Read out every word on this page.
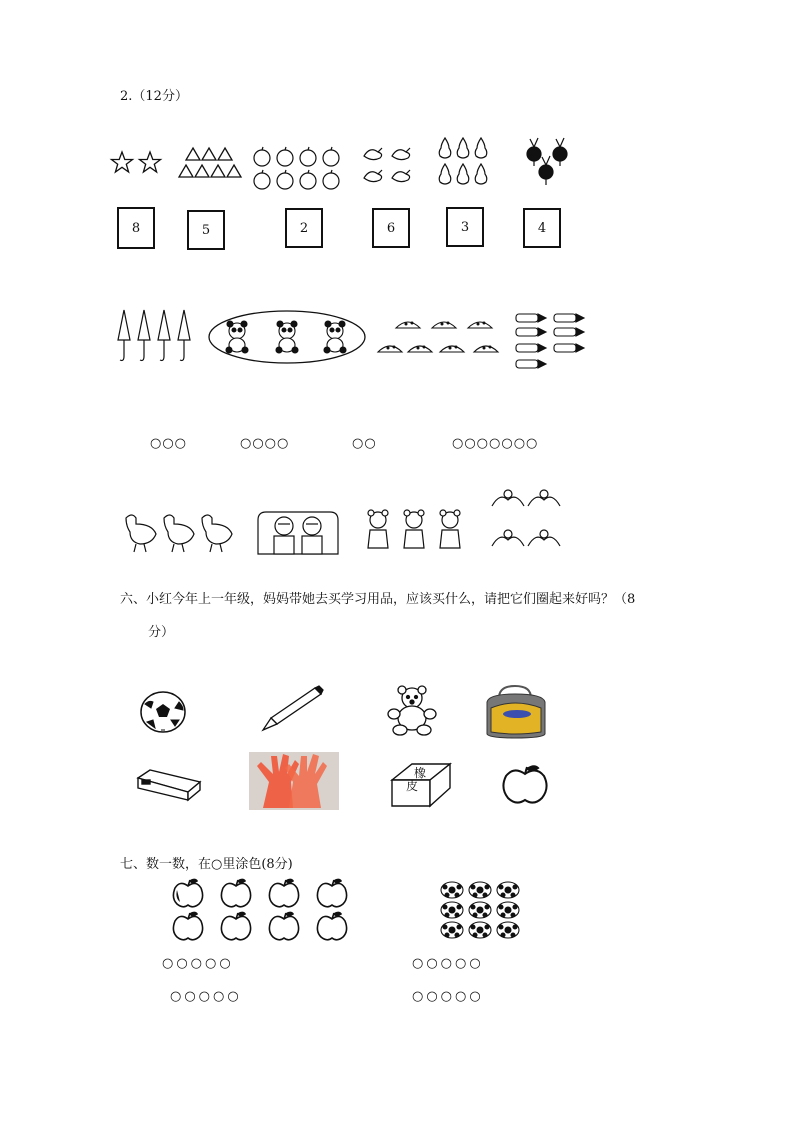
2.（12分）
8	5	2	6	3	4
○○○	○○○○	○○	○○○○○○○
六、小红今年上一年级，妈妈带她去买学习用品，应该买什么，请把它们圈起来好吗？（8
分）
橡
皮
七、数一数，在○里涂色(8分)
○○○○○
○○○○○
○○○○○
○○○○○
